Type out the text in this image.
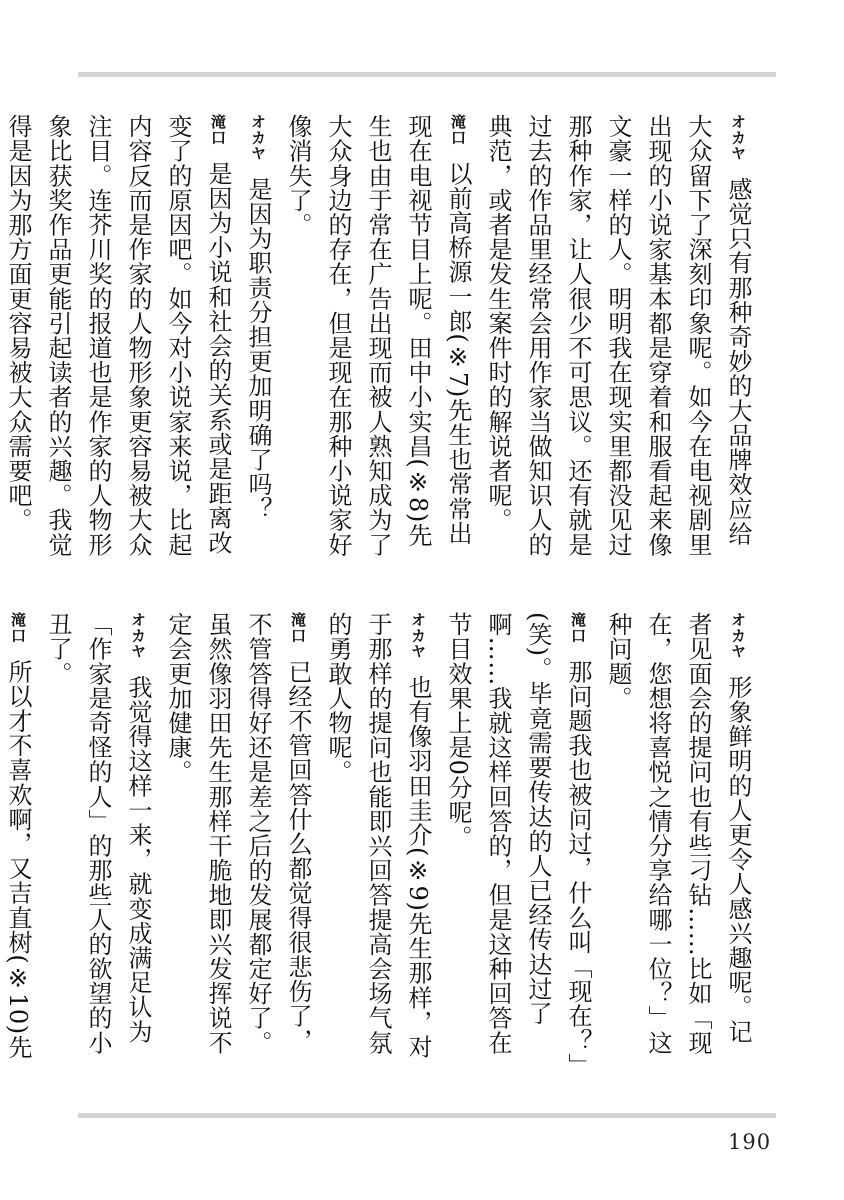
オカヤ感觉只有那种奇妙的大品牌效应给大众留下了深刻印象呢。如今在电视剧里出现的小说家基本都是穿着和服看起来像文豪一样的人。明明我在现实里都没见过那种作家，让人很少不可思议。还有就是过去的作品里经常会用作家当做知识人的典范，或者是发生案件时的解说者呢。
滝口以前高桥源一郎(※7)先生也常常出现在电视节目上呢。田中小实昌(※8)先生也由于常在广告出现而被人熟知成为了大众身边的存在，但是现在那种小说家好像消失了。
オカヤ是因为职责分担更加明确了吗？
滝口是因为小说和社会的关系或是距离改变了的原因吧。如今对小说家来说，比起内容反而是作家的人物形象更容易被大众注目。连芥川奖的报道也是作家的人物形象比获奖作品更能引起读者的兴趣。我觉得是因为那方面更容易被大众需要吧。
オカヤ形象鲜明的人更令人感兴趣呢。记者见面会的提问也有些刁钻……比如「现在，您想将喜悦之情分享给哪一位？」这种问题。
滝口那问题我也被问过，什么叫「现在？」(笑)。毕竟需要传达的人已经传达过了啊……我就这样回答的，但是这种回答在节目效果上是0分呢。
オカヤ也有像羽田圭介(※9)先生那样，对于那样的提问也能即兴回答提高会场气氛的勇敢人物呢。
滝口已经不管回答什么都觉得很悲伤了，不管答得好还是差之后的发展都定好了。虽然像羽田先生那样干脆地即兴发挥说不定会更加健康。
オカヤ我觉得这样一来，就变成满足认为「作家是奇怪的人」的那些人的欲望的小丑了。
滝口所以才不喜欢啊，又吉直树(※10)先
190
